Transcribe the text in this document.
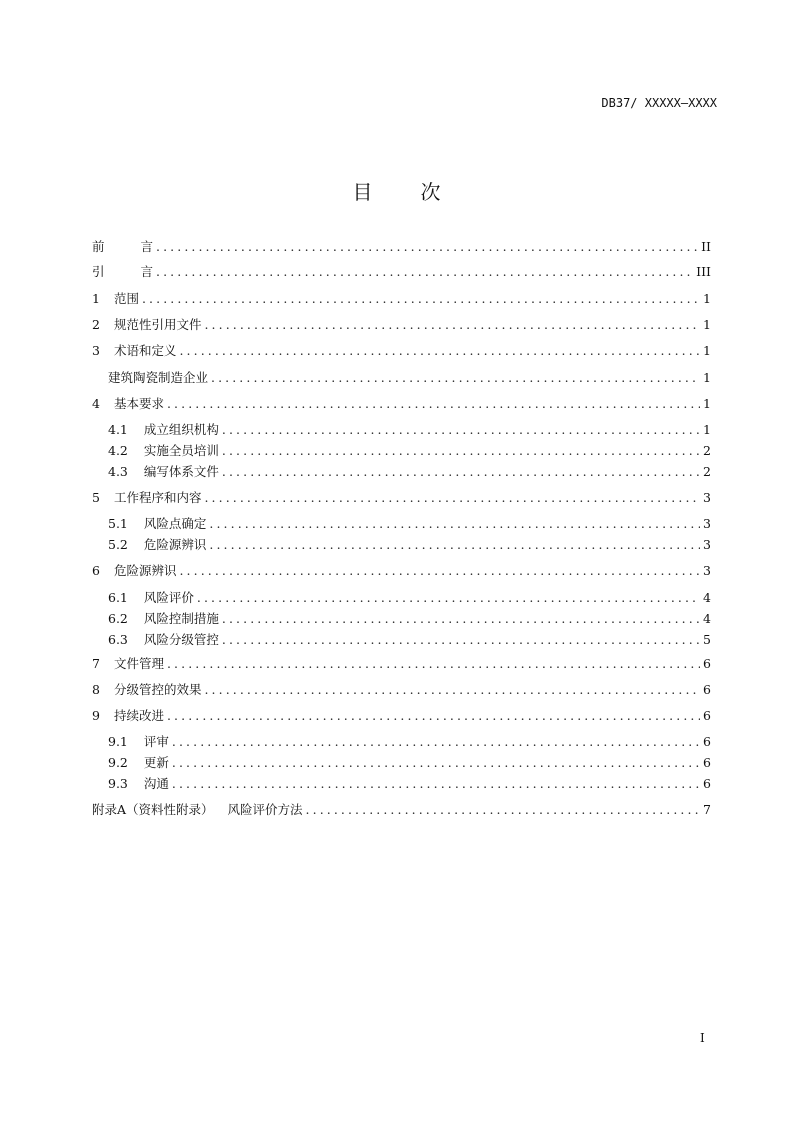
DB37/ XXXXX—XXXX
目 次
前	言 .....	II
引	言 .....	III
1 范围 .....	1
2 规范性引用文件 .....	1
3 术语和定义 .....	1
建筑陶瓷制造企业 .....	1
4 基本要求 .....	1
4.1 成立组织机构 .....	1
4.2 实施全员培训 .....	2
4.3 编写体系文件 .....	2
5 工作程序和内容 .....	3
5.1 风险点确定 .....	3
5.2 危险源辨识 .....	3
6 危险源辨识 .....	3
6.1 风险评价 .....	4
6.2 风险控制措施 .....	4
6.3 风险分级管控 .....	5
7 文件管理 .....	6
8 分级管控的效果 .....	6
9 持续改进 .....	6
9.1 评审 .....	6
9.2 更新 .....	6
9.3 沟通 .....	6
附录A（资料性附录） 风险评价方法 .....	7
I
